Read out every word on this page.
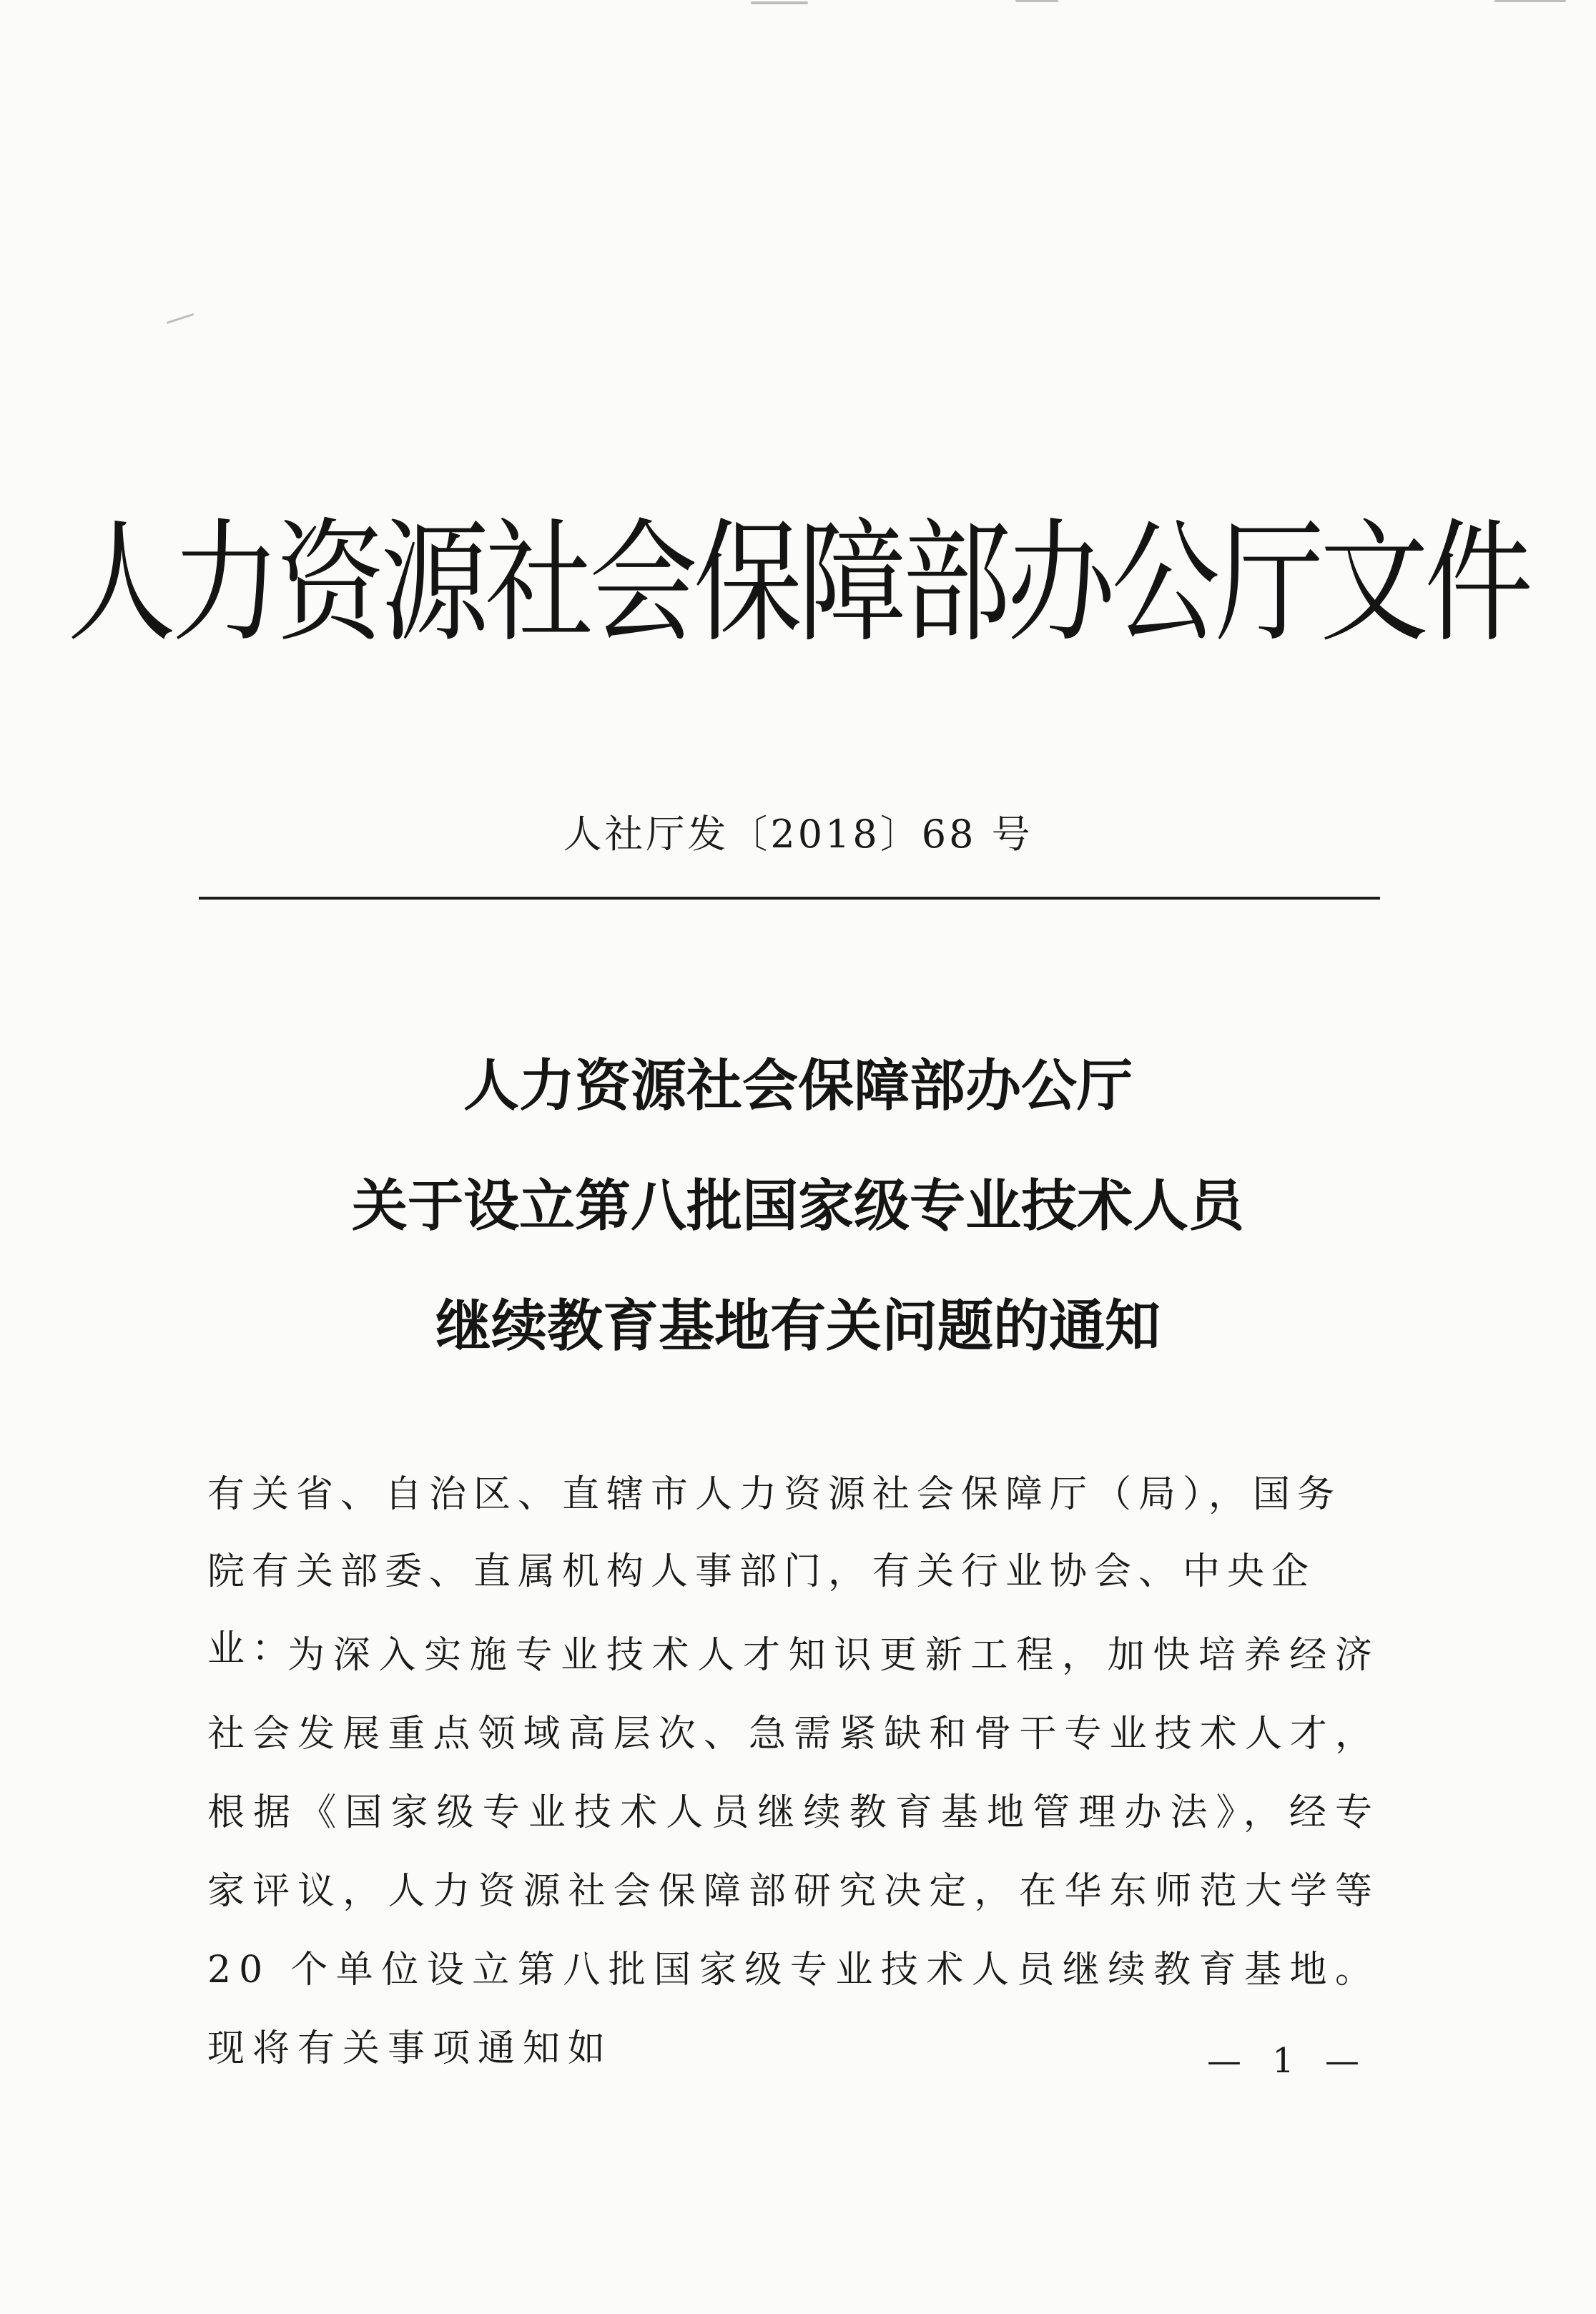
人力资源社会保障部办公厅文件
人社厅发〔2018〕68 号

人力资源社会保障部办公厅

关于设立第八批国家级专业技术人员

继续教育基地有关问题的通知

有关省、自治区、直辖市人力资源社会保障厅（局），国务院有关部委、直属机构人事部门，有关行业协会、中央企业：

为深入实施专业技术人才知识更新工程，加快培养经济社会发展重点领域高层次、急需紧缺和骨干专业技术人才，根据《国家级专业技术人员继续教育基地管理办法》，经专家评议，人力资源社会保障部研究决定，在华东师范大学等 20 个单位设立第八批国家级专业技术人员继续教育基地。现将有关事项通知如	— 1 —
